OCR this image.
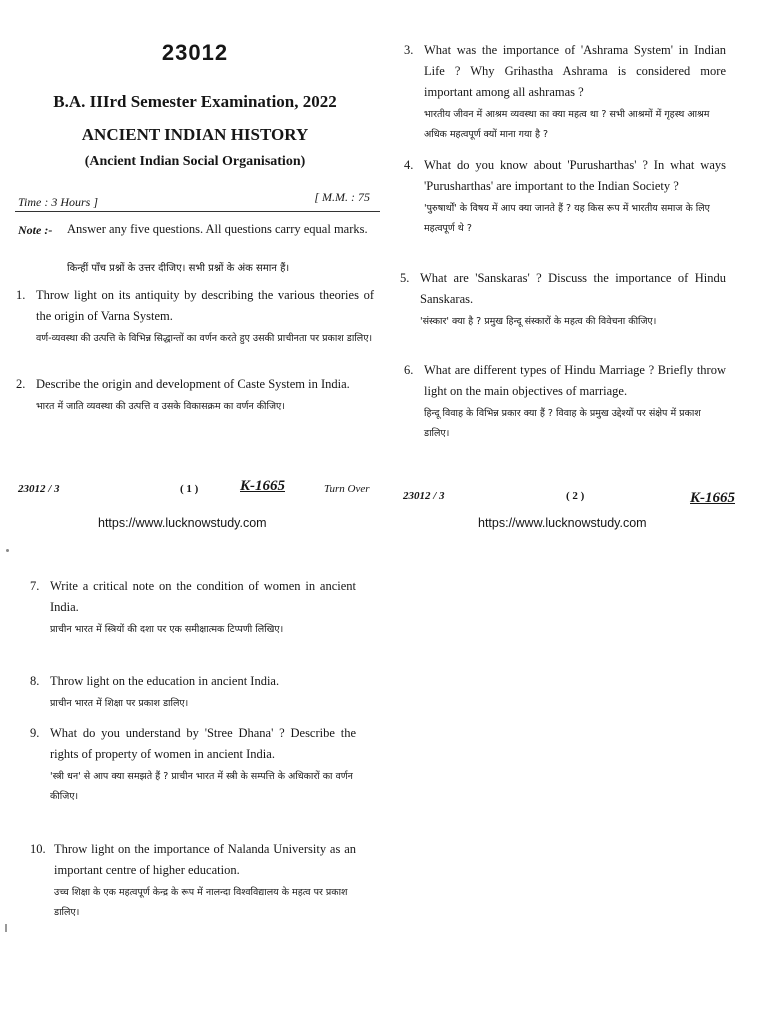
23012
B.A. IIIrd Semester Examination, 2022
ANCIENT INDIAN HISTORY
(Ancient Indian Social Organisation)
Time : 3 Hours ]	[ M.M. : 75
Note :- Answer any five questions. All questions carry equal marks.
किन्हीं पाँच प्रश्नों के उत्तर दीजिए। सभी प्रश्नों के अंक समान हैं।
1. Throw light on its antiquity by describing the various theories of the origin of Varna System.
वर्ण-व्यवस्था की उत्पत्ति के विभिन्न सिद्धान्तों का वर्णन करते हुए उसकी प्राचीनता पर प्रकाश डालिए।
2. Describe the origin and development of Caste System in India.
भारत में जाति व्यवस्था की उत्पत्ति व उसके विकासक्रम का वर्णन कीजिए।
23012 / 3	( 1 )	K-1665	Turn Over
https://www.lucknowstudy.com
3. What was the importance of 'Ashrama System' in Indian Life ? Why Grihastha Ashrama is considered more important among all ashramas ?
भारतीय जीवन में आश्रम व्यवस्था का क्या महत्व था ? सभी आश्रमों में गृहस्थ आश्रम अधिक महत्वपूर्ण क्यों माना गया है ?
4. What do you know about 'Purusharthas' ? In what ways 'Purusharthas' are important to the Indian Society ?
'पुरुषार्थों' के विषय में आप क्या जानते हैं ? यह किस रूप में भारतीय समाज के लिए महत्वपूर्ण थे ?
5. What are 'Sanskaras' ? Discuss the importance of Hindu Sanskaras.
'संस्कार' क्या है ? प्रमुख हिन्दू संस्कारों के महत्व की विवेचना कीजिए।
6. What are different types of Hindu Marriage ? Briefly throw light on the main objectives of marriage.
हिन्दू विवाह के विभिन्न प्रकार क्या हैं ? विवाह के प्रमुख उद्देश्यों पर संक्षेप में प्रकाश डालिए।
23012 / 3	( 2 )	K-1665
https://www.lucknowstudy.com
7. Write a critical note on the condition of women in ancient India.
प्राचीन भारत में स्त्रियों की दशा पर एक समीक्षात्मक टिप्पणी लिखिए।
8. Throw light on the education in ancient India.
प्राचीन भारत में शिक्षा पर प्रकाश डालिए।
9. What do you understand by 'Stree Dhana' ? Describe the rights of property of women in ancient India.
'स्त्री धन' से आप क्या समझते हैं ? प्राचीन भारत में स्त्री के सम्पत्ति के अधिकारों का वर्णन कीजिए।
10. Throw light on the importance of Nalanda University as an important centre of higher education.
उच्च शिक्षा के एक महत्वपूर्ण केन्द्र के रूप में नालन्दा विश्वविद्यालय के महत्व पर प्रकाश डालिए।
